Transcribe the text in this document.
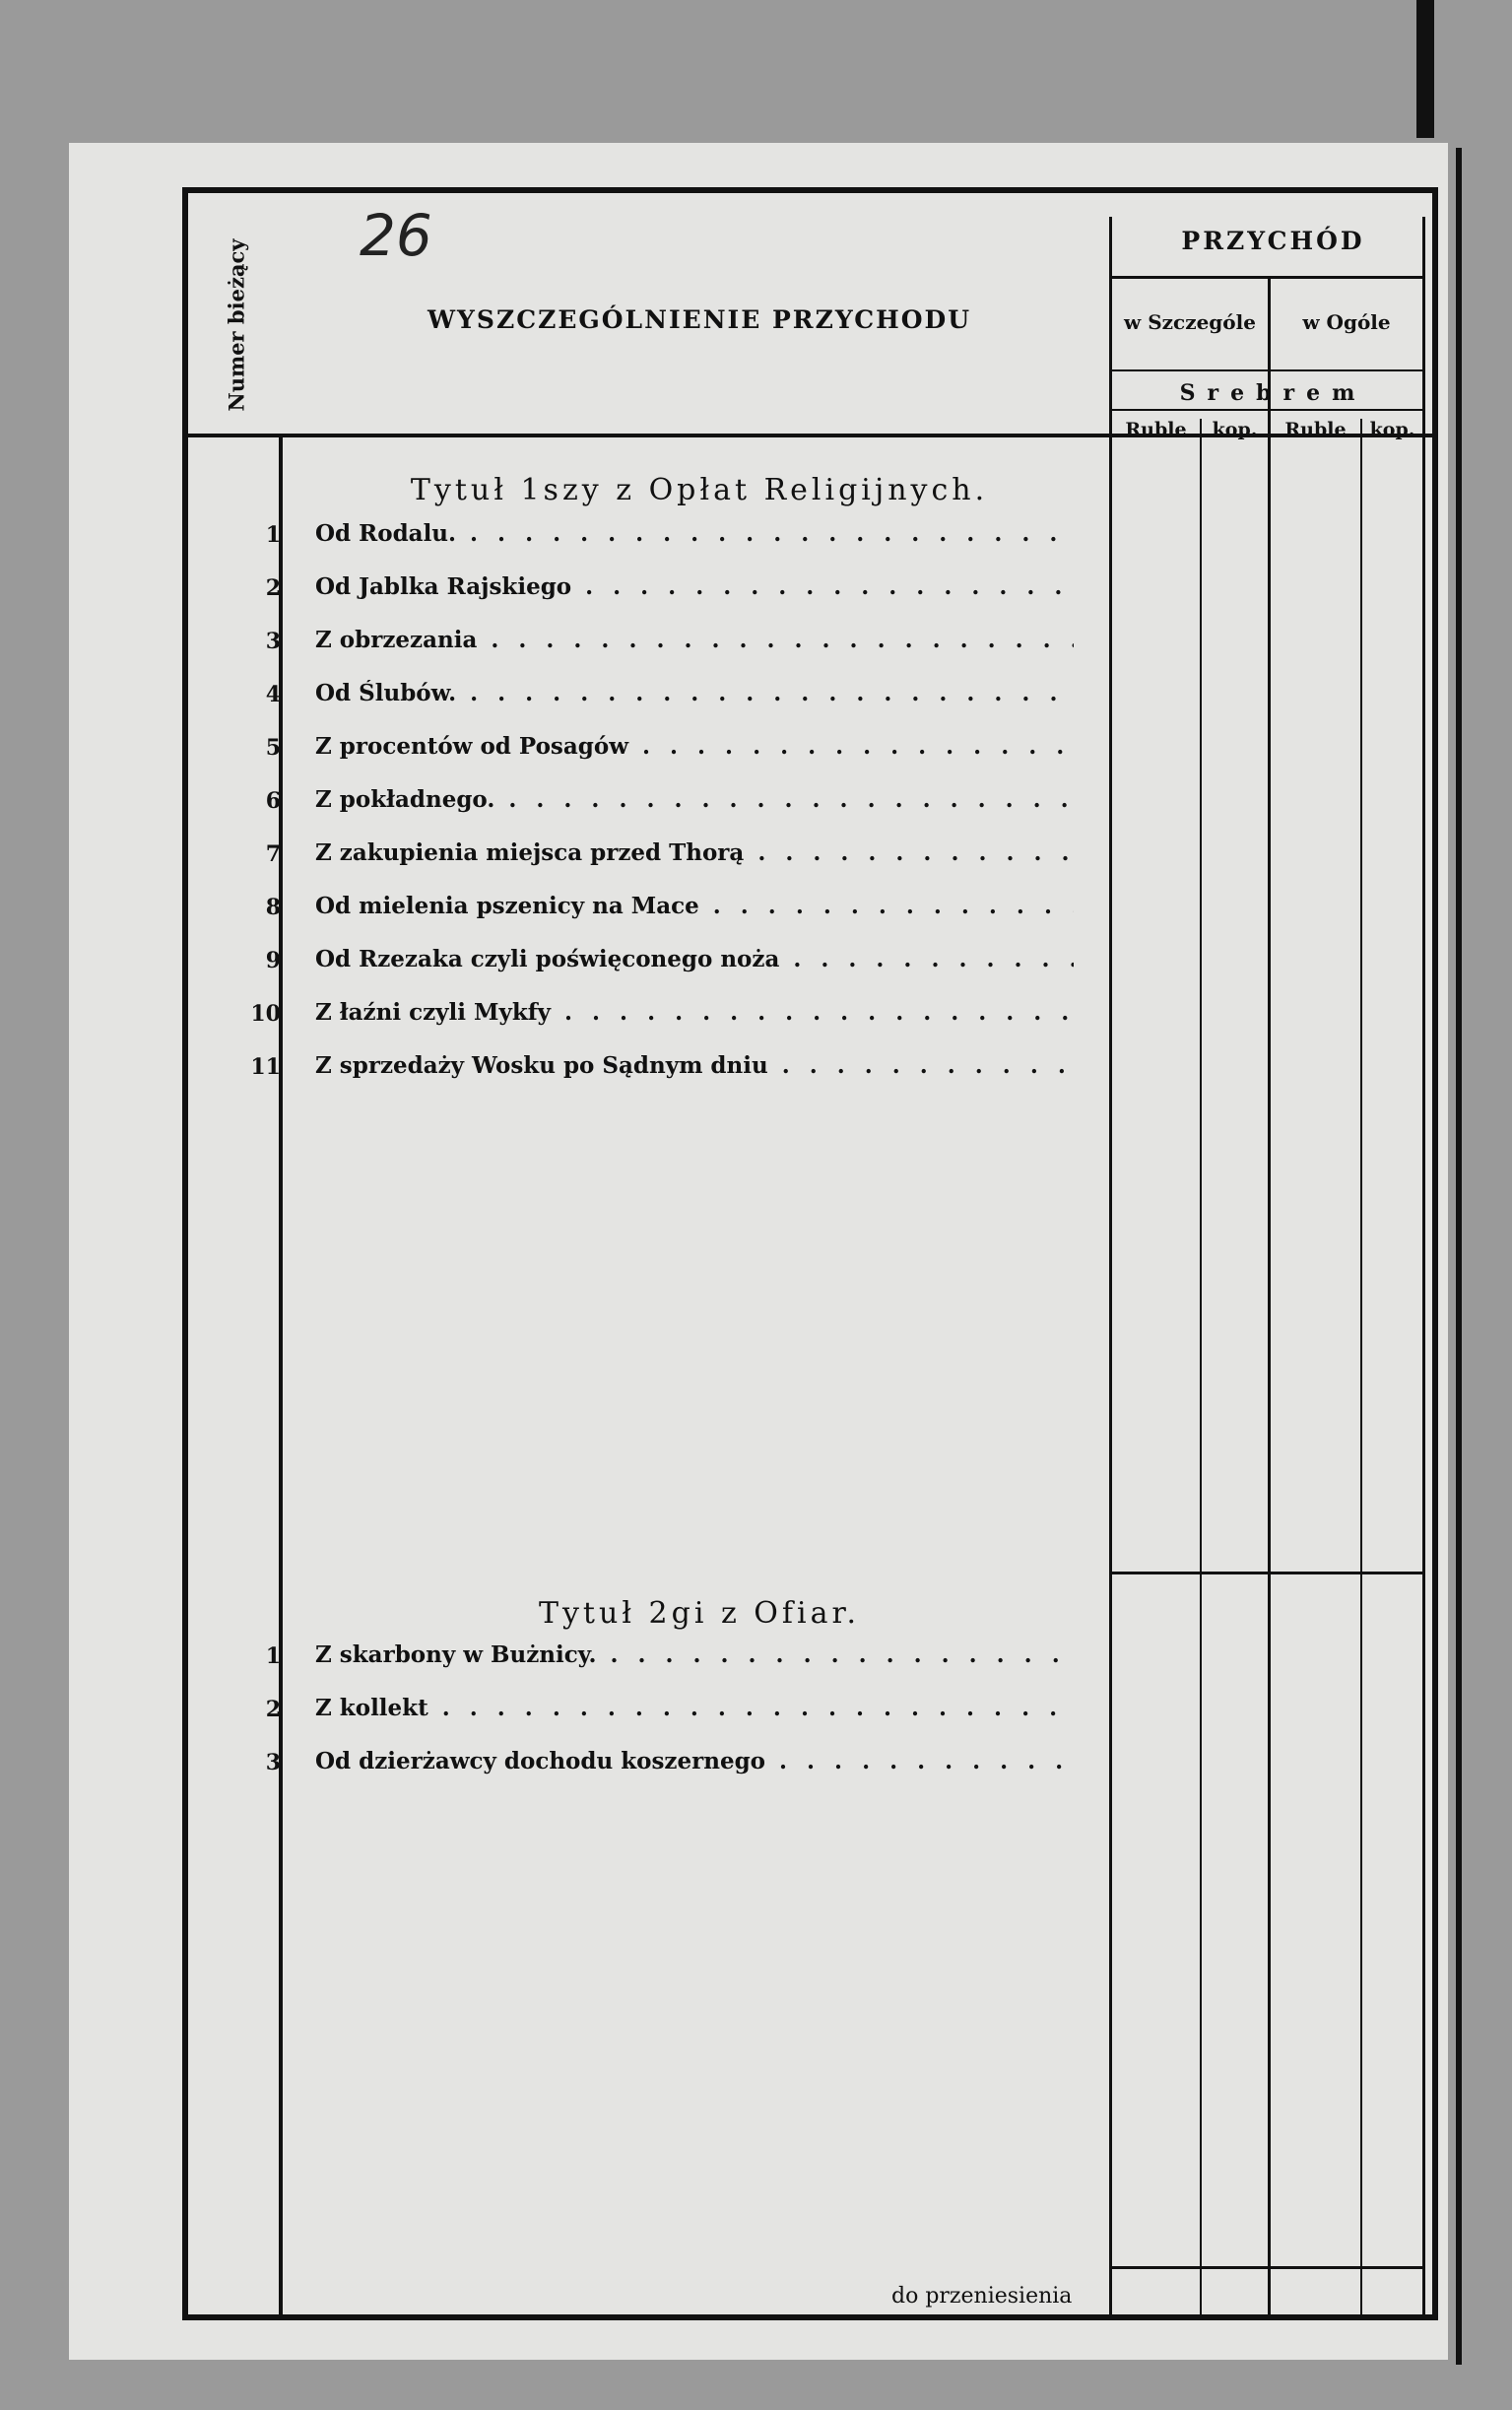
26
Numer bieżący	WYSZCZEGÓLNIENIE PRZYCHODU
PRZYCHÓD
w Szczególe	w Ogóle
Srebrem
Ruble	kop.	Ruble	kop.
Tytuł 1szy z Opłat Religijnych.
1 Od Rodalu. . . .
2 Od Jablka Rajskiego . . .
3 Z obrzezania . . .
4 Od Ślubów. . . .
5 Z procentów od Posagów . . .
6 Z pokładnego. . . .
7 Z zakupienia miejsca przed Thorą . . .
8 Od mielenia pszenicy na Mace . . .
9 Od Rzezaka czyli poświęconego noża . . .
10 Z łaźni czyli Mykfy . . .
11 Z sprzedaży Wosku po Sądnym dniu . . .
Tytuł 2gi z Ofiar.
1 Z skarbony w Bużnicy. . . .
2 Z kollekt . . .
3 Od dzierżawcy dochodu koszernego . . .
do przeniesienia
